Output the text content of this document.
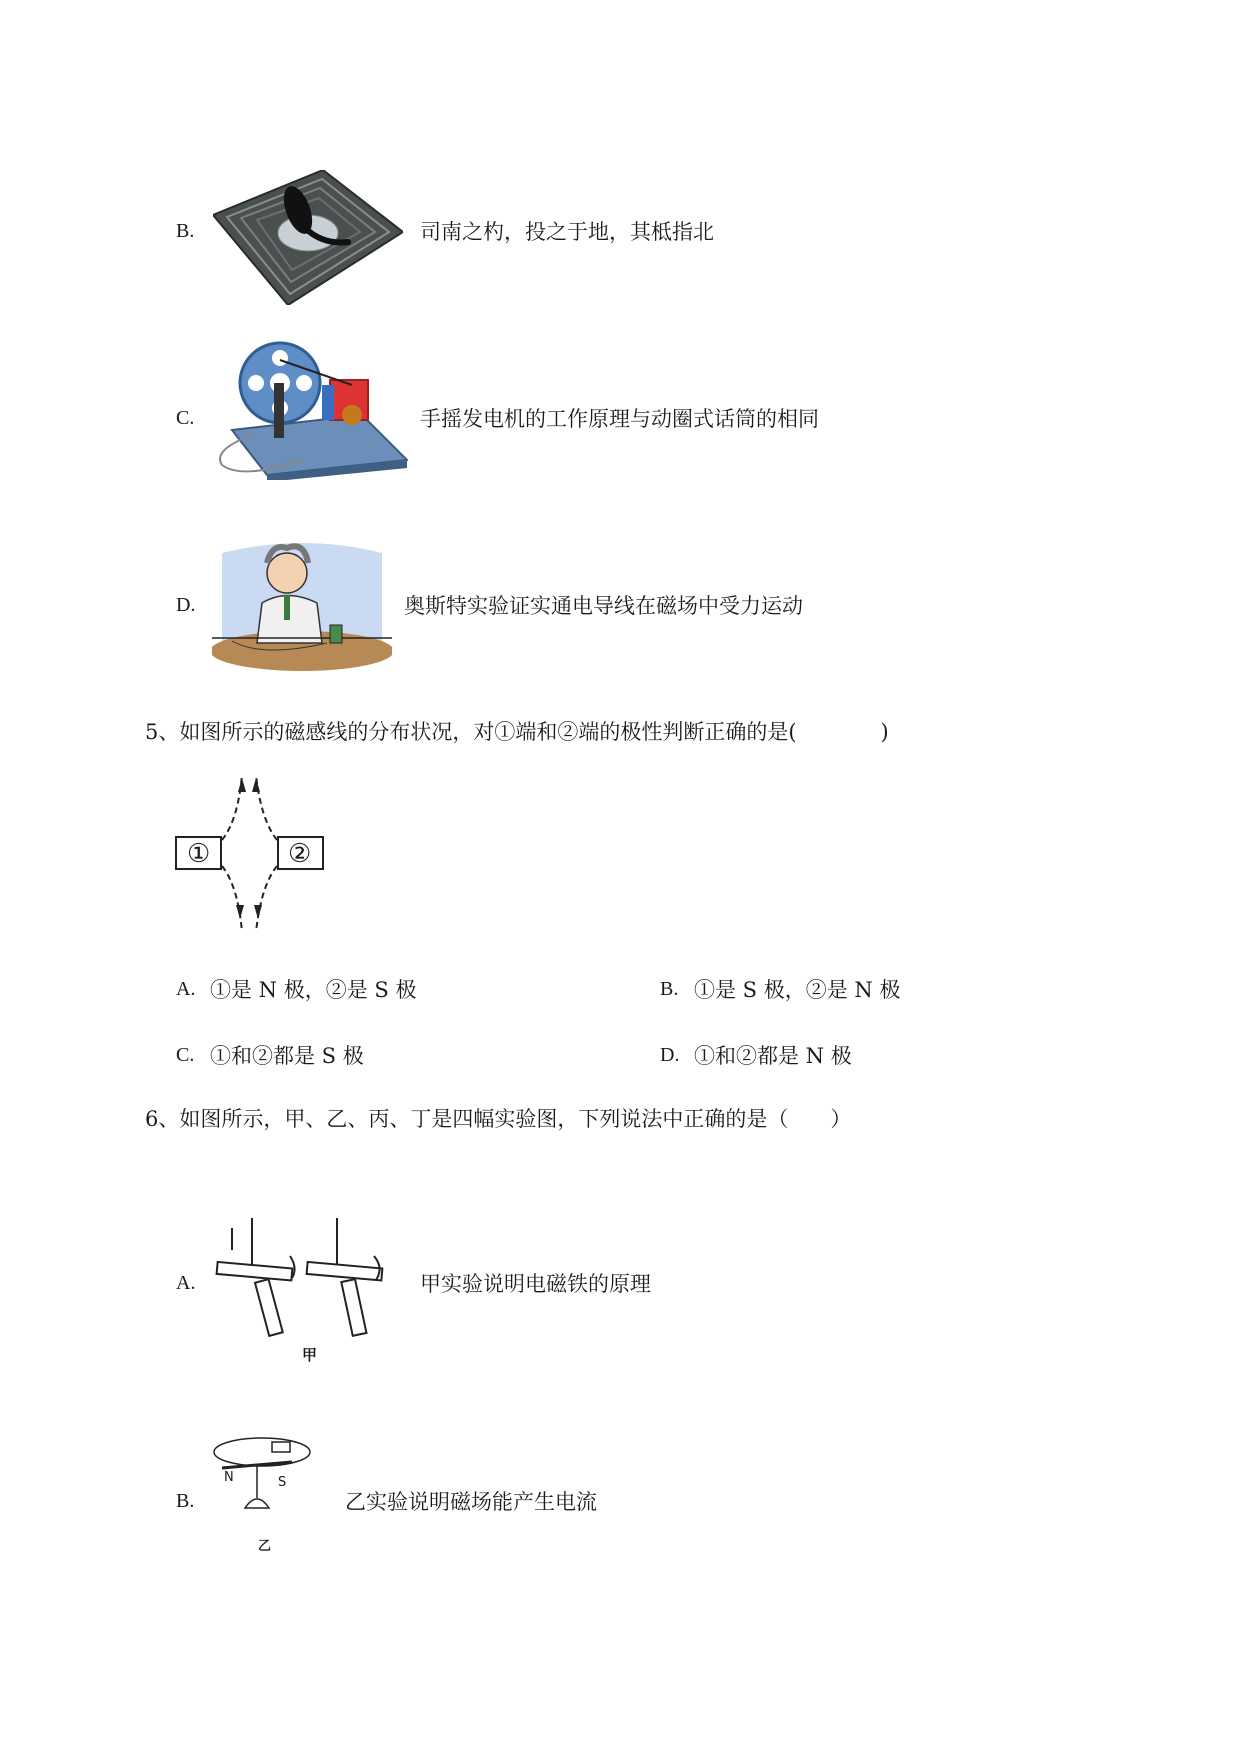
B.	司南之杓，投之于地，其柢指北
C.	手摇发电机的工作原理与动圈式话筒的相同
D.	奥斯特实验证实通电导线在磁场中受力运动
5、如图所示的磁感线的分布状况，对①端和②端的极性判断正确的是(　　　　)
①	②
A. ①是 N 极，②是 S 极	B. ①是 S 极，②是 N 极
C. ①和②都是 S 极	D. ①和②都是 N 极
6、如图所示，甲、乙、丙、丁是四幅实验图，下列说法中正确的是（　　）
A.
甲
甲实验说明电磁铁的原理
B.
N	S
乙
乙实验说明磁场能产生电流
